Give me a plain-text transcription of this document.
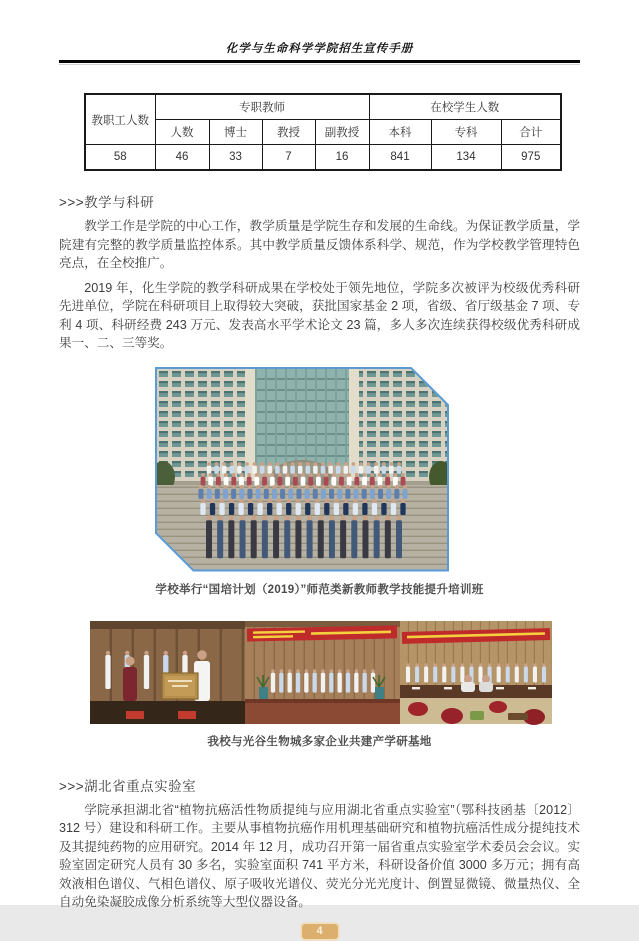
化学与生命科学学院招生宣传手册
教职工人数	专职教师				在校学生人数		
	人数	博士	教授	副教授	本科	专科	合计
58	46	33	7	16	841	134	975
>>>教学与科研

教学工作是学院的中心工作，教学质量是学院生存和发展的生命线。为保证教学质量，学院建有完整的教学质量监控体系。其中教学质量反馈体系科学、规范，作为学校教学管理特色亮点，在全校推广。

2019 年，化生学院的教学科研成果在学校处于领先地位，学院多次被评为校级优秀科研先进单位，学院在科研项目上取得较大突破，获批国家基金 2 项，省级、省厅级基金 7 项、专利 4 项、科研经费 243 万元、发表高水平学术论文 23 篇，多人多次连续获得校级优秀科研成果一、二、三等奖。

学校举行“国培计划（2019）”师范类新教师教学技能提升培训班
我校与光谷生物城多家企业共建产学研基地
>>>湖北省重点实验室

学院承担湖北省“植物抗癌活性物质提纯与应用湖北省重点实验室”（鄂科技函基〔2012〕312 号）建设和科研工作。主要从事植物抗癌作用机理基础研究和植物抗癌活性成分提纯技术及其提纯药物的应用研究。2014 年 12 月，成功召开第一届省重点实验室学术委员会会议。实验室固定研究人员有 30 多名，实验室面积 741 平方米，科研设备价值 3000 多万元；拥有高效液相色谱仪、气相色谱仪、原子吸收光谱仪、荧光分光光度计、倒置显微镜、微量热仪、全自动免染凝胶成像分析系统等大型仪器设备。

4
